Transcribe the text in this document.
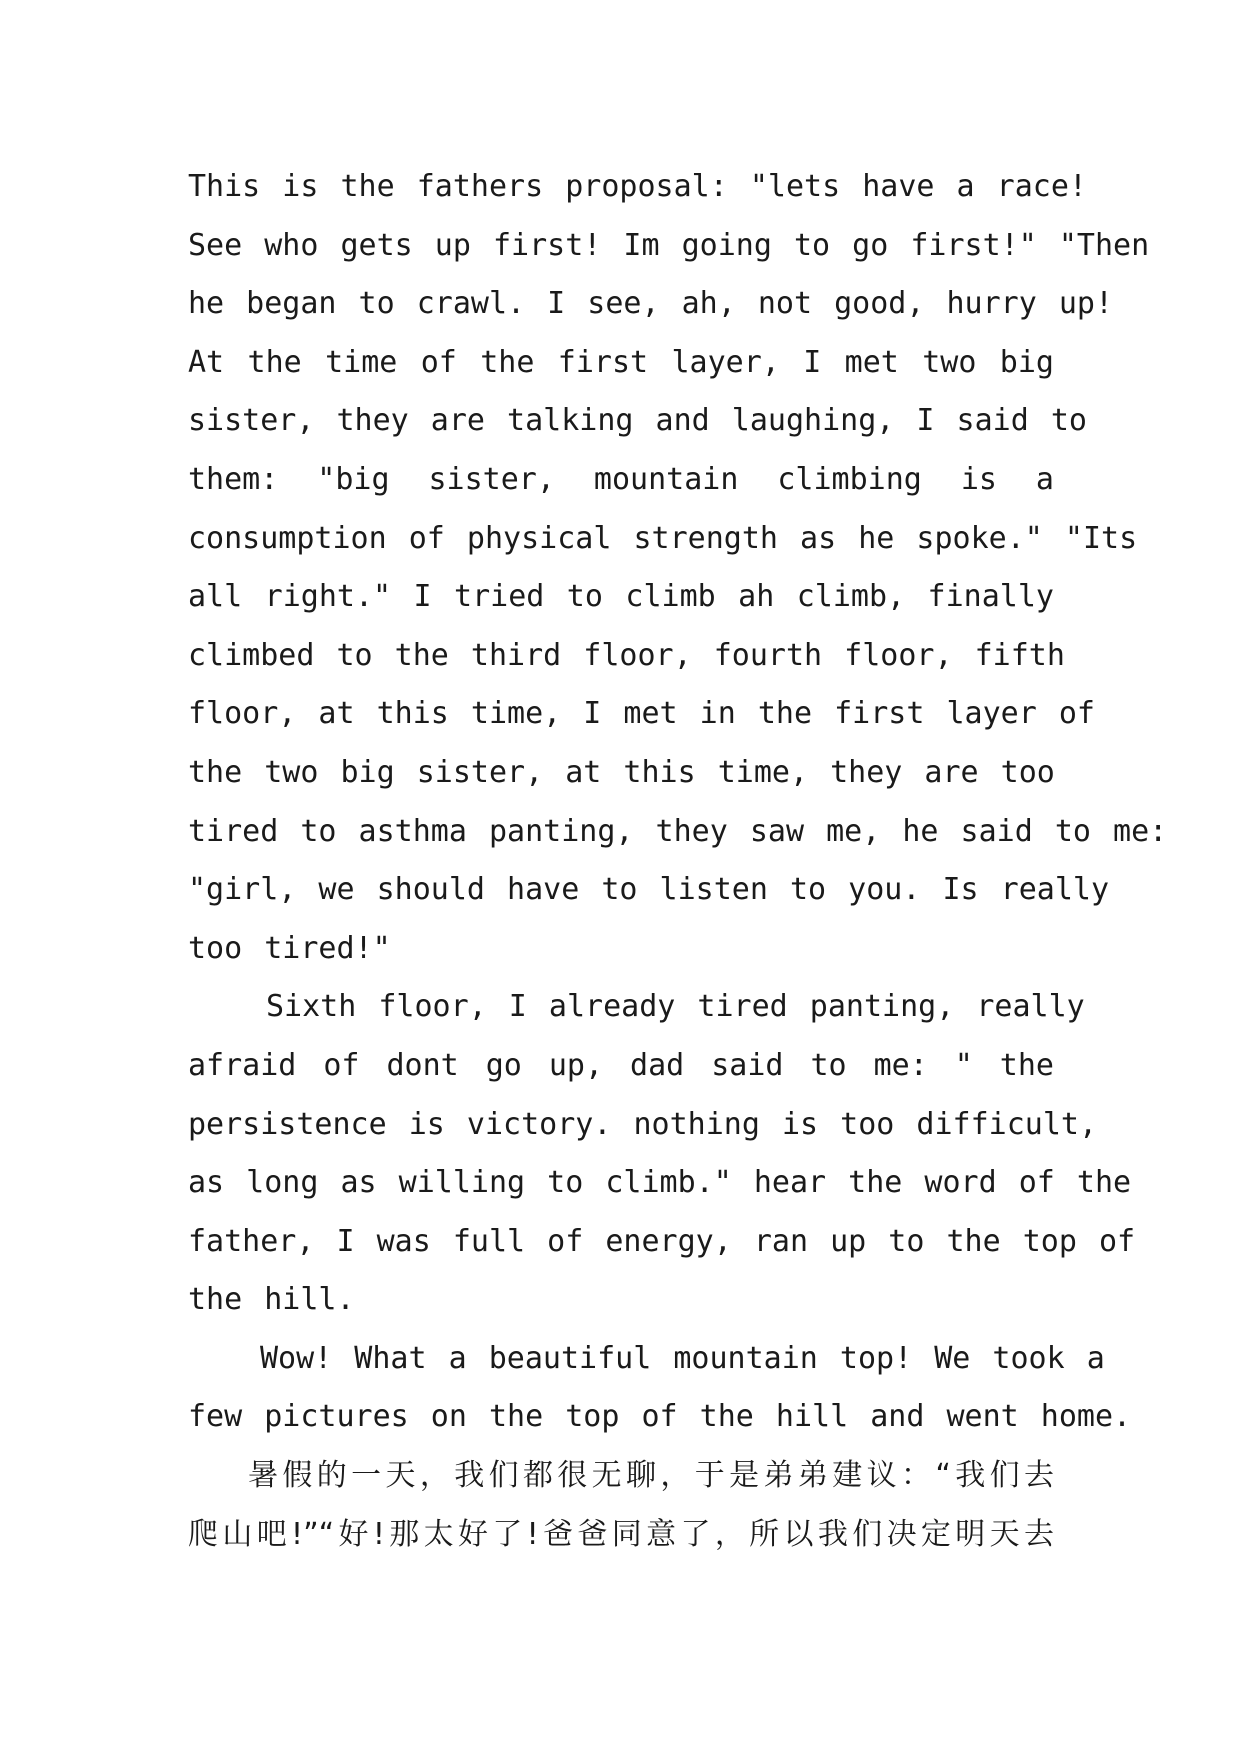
This is the fathers proposal: "lets have a race!
See who gets up first! Im going to go first!" "Then
he began to crawl. I see, ah, not good, hurry up!
At the time of the first layer, I met two big
sister, they are talking and laughing, I said to
them: "big sister, mountain climbing is a
consumption of physical strength as he spoke." "Its
all right." I tried to climb ah climb, finally
climbed to the third floor, fourth floor, fifth
floor, at this time, I met in the first layer of
the two big sister, at this time, they are too
tired to asthma panting, they saw me, he said to me:
"girl, we should have to listen to you. Is really
too tired!"

Sixth floor, I already tired panting, really
afraid of dont go up, dad said to me: " the
persistence is victory. nothing is too difficult,
as long as willing to climb." hear the word of the
father, I was full of energy, ran up to the top of
the hill.

Wow! What a beautiful mountain top! We took a
few pictures on the top of the hill and went home.

暑假的一天，我们都很无聊，于是弟弟建议：“我们去
爬山吧!”“好!那太好了!爸爸同意了，所以我们决定明天去
